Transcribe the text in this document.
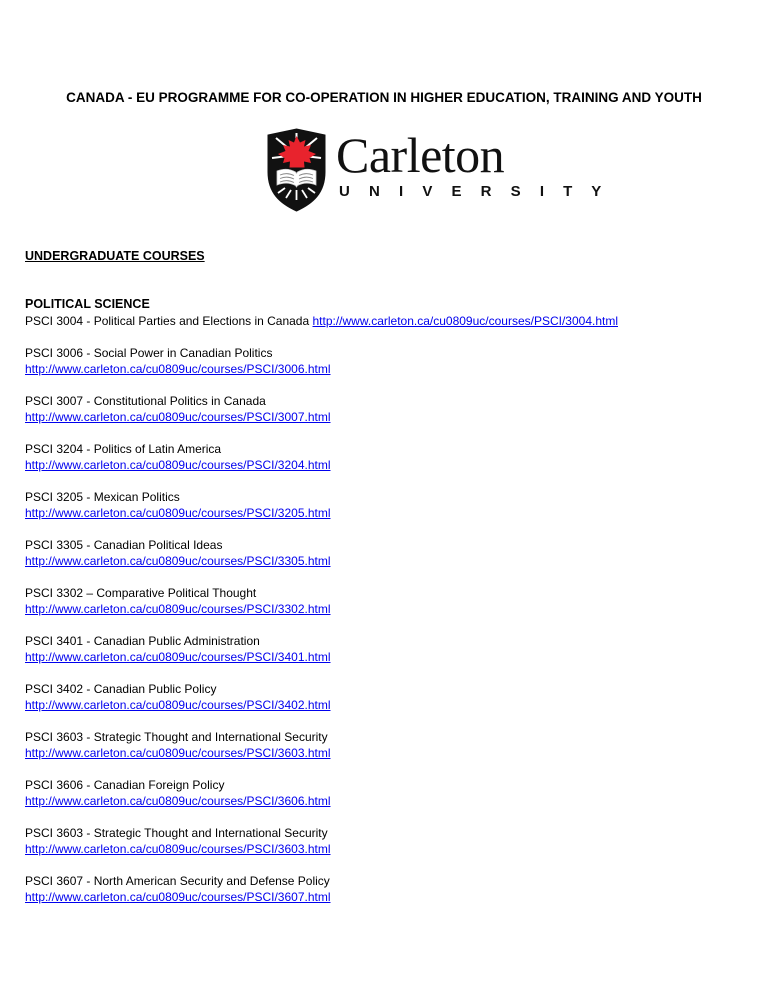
CANADA - EU PROGRAMME FOR CO-OPERATION IN HIGHER EDUCATION, TRAINING AND YOUTH
Carleton
U N I V E R S I T Y
UNDERGRADUATE COURSES
POLITICAL SCIENCE

PSCI 3004 - Political Parties and Elections in Canada http://www.carleton.ca/cu0809uc/courses/PSCI/3004.html

PSCI 3006 - Social Power in Canadian Politics
http://www.carleton.ca/cu0809uc/courses/PSCI/3006.html

PSCI 3007 - Constitutional Politics in Canada
http://www.carleton.ca/cu0809uc/courses/PSCI/3007.html

PSCI 3204 - Politics of Latin America
http://www.carleton.ca/cu0809uc/courses/PSCI/3204.html

PSCI 3205 - Mexican Politics
http://www.carleton.ca/cu0809uc/courses/PSCI/3205.html

PSCI 3305 - Canadian Political Ideas
http://www.carleton.ca/cu0809uc/courses/PSCI/3305.html

PSCI 3302 – Comparative Political Thought
http://www.carleton.ca/cu0809uc/courses/PSCI/3302.html

PSCI 3401 - Canadian Public Administration
http://www.carleton.ca/cu0809uc/courses/PSCI/3401.html

PSCI 3402 - Canadian Public Policy
http://www.carleton.ca/cu0809uc/courses/PSCI/3402.html

PSCI 3603 - Strategic Thought and International Security
http://www.carleton.ca/cu0809uc/courses/PSCI/3603.html

PSCI 3606 - Canadian Foreign Policy
http://www.carleton.ca/cu0809uc/courses/PSCI/3606.html

PSCI 3603 - Strategic Thought and International Security
http://www.carleton.ca/cu0809uc/courses/PSCI/3603.html

PSCI 3607 - North American Security and Defense Policy
http://www.carleton.ca/cu0809uc/courses/PSCI/3607.html
